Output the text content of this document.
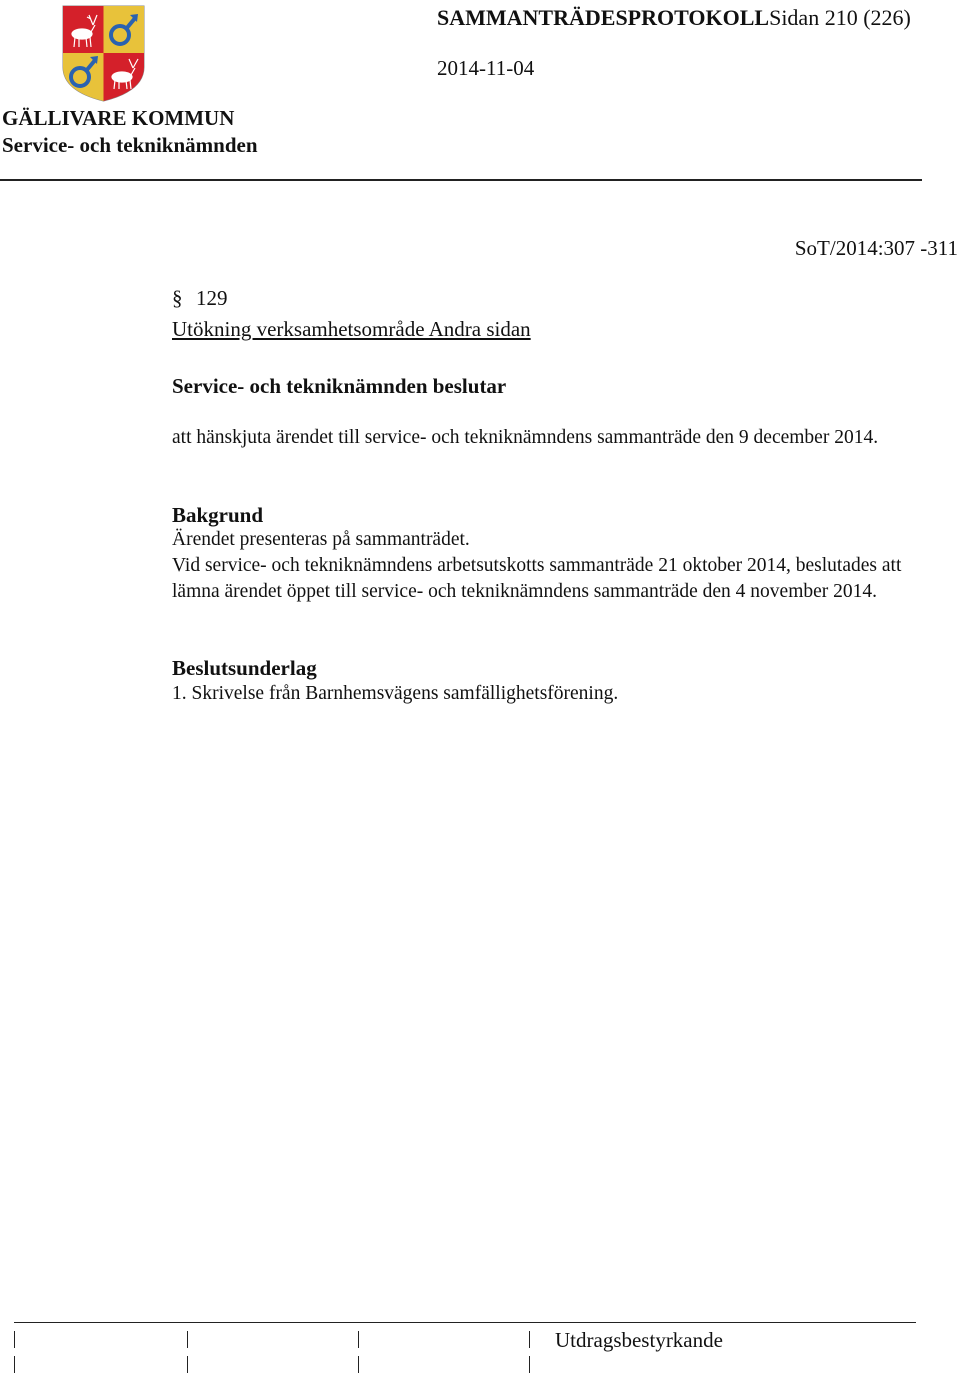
SAMMANTRÄDESPROTOKOLLSidan 210 (226)
2014-11-04
GÄLLIVARE KOMMUN
Service- och tekniknämnden
SoT/2014:307 -311
§ 129
Utökning verksamhetsområde Andra sidan
Service- och tekniknämnden beslutar
att hänskjuta ärendet till service- och tekniknämndens sammanträde den 9 december 2014.
Bakgrund
Ärendet presenteras på sammanträdet.
Vid service- och tekniknämndens arbetsutskotts sammanträde 21 oktober 2014, beslutades att lämna ärendet öppet till service- och tekniknämndens sammanträde den 4 november 2014.
Beslutsunderlag
1. Skrivelse från Barnhemsvägens samfällighetsförening.
Utdragsbestyrkande
